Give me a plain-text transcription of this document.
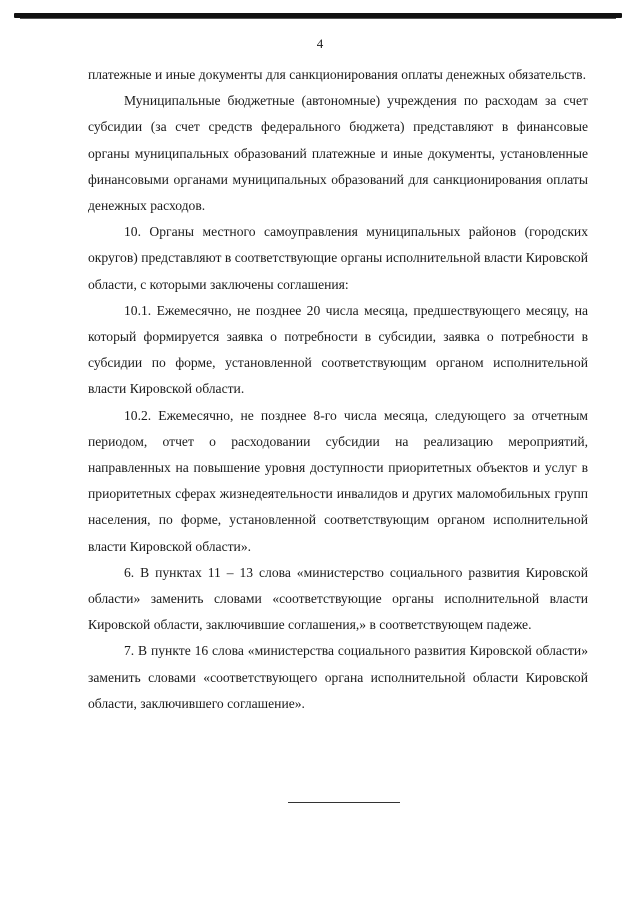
4

платежные и иные документы для санкционирования оплаты денежных обязательств.

Муниципальные бюджетные (автономные) учреждения по расходам за счет субсидии (за счет средств федерального бюджета) представляют в финансовые органы муниципальных образований платежные и иные документы, установленные финансовыми органами муниципальных образований для санкционирования оплаты денежных расходов.

10. Органы местного самоуправления муниципальных районов (городских округов) представляют в соответствующие органы исполнительной власти Кировской области, с которыми заключены соглашения:

10.1. Ежемесячно, не позднее 20 числа месяца, предшествующего месяцу, на который формируется заявка о потребности в субсидии, заявка о потребности в субсидии по форме, установленной соответствующим органом исполнительной власти Кировской области.

10.2. Ежемесячно, не позднее 8-го числа месяца, следующего за отчетным периодом, отчет о расходовании субсидии на реализацию мероприятий, направленных на повышение уровня доступности приоритетных объектов и услуг в приоритетных сферах жизнедеятельности инвалидов и других маломобильных групп населения, по форме, установленной соответствующим органом исполнительной власти Кировской области».

6. В пунктах 11 – 13 слова «министерство социального развития Кировской области» заменить словами «соответствующие органы исполнительной власти Кировской области, заключившие соглашения,» в соответствующем падеже.

7. В пункте 16 слова «министерства социального развития Кировской области» заменить словами «соответствующего органа исполнительной области Кировской области, заключившего соглашение».
